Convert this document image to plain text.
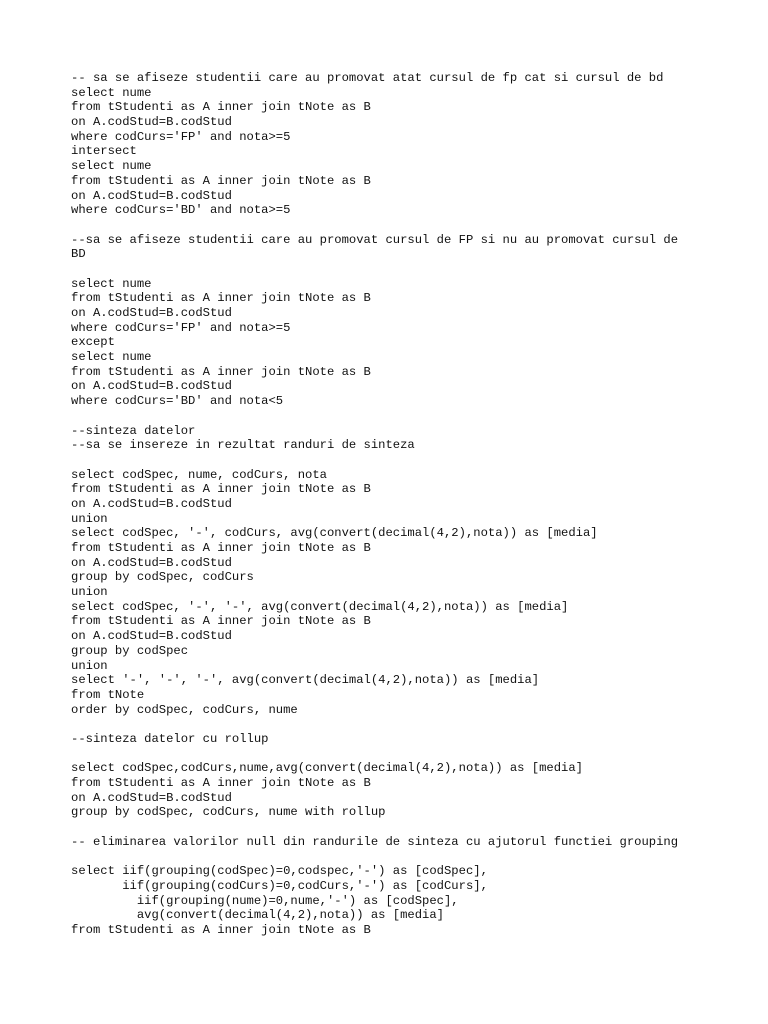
-- sa se afiseze studentii care au promovat atat cursul de fp cat si cursul de bd
select nume
from tStudenti as A inner join tNote as B
on A.codStud=B.codStud
where codCurs='FP' and nota>=5
intersect
select nume
from tStudenti as A inner join tNote as B
on A.codStud=B.codStud
where codCurs='BD' and nota>=5
--sa se afiseze studentii care au promovat cursul de FP si nu au promovat cursul de
BD
select nume
from tStudenti as A inner join tNote as B
on A.codStud=B.codStud
where codCurs='FP' and nota>=5
except
select nume
from tStudenti as A inner join tNote as B
on A.codStud=B.codStud
where codCurs='BD' and nota<5
--sinteza datelor
--sa se insereze in rezultat randuri de sinteza
select codSpec, nume, codCurs, nota
from tStudenti as A inner join tNote as B
on A.codStud=B.codStud
union
select codSpec, '-', codCurs, avg(convert(decimal(4,2),nota)) as [media]
from tStudenti as A inner join tNote as B
on A.codStud=B.codStud
group by codSpec, codCurs
union
select codSpec, '-', '-', avg(convert(decimal(4,2),nota)) as [media]
from tStudenti as A inner join tNote as B
on A.codStud=B.codStud
group by codSpec
union
select '-', '-', '-', avg(convert(decimal(4,2),nota)) as [media]
from tNote
order by codSpec, codCurs, nume
--sinteza datelor cu rollup
select codSpec,codCurs,nume,avg(convert(decimal(4,2),nota)) as [media]
from tStudenti as A inner join tNote as B
on A.codStud=B.codStud
group by codSpec, codCurs, nume with rollup
-- eliminarea valorilor null din randurile de sinteza cu ajutorul functiei grouping
select iif(grouping(codSpec)=0,codspec,'-') as [codSpec],
iif(grouping(codCurs)=0,codCurs,'-') as [codCurs],
iif(grouping(nume)=0,nume,'-') as [codSpec],
avg(convert(decimal(4,2),nota)) as [media]
from tStudenti as A inner join tNote as B
